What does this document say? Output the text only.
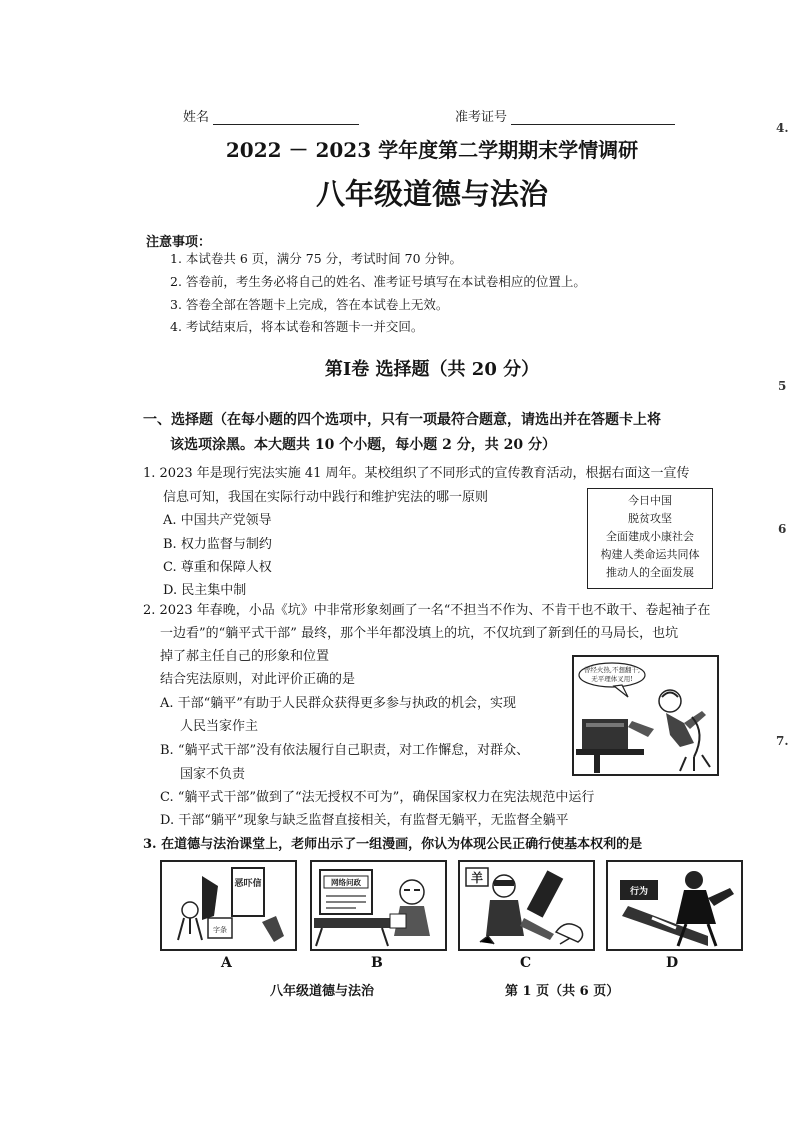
姓名	准考证号
2022 － 2023 学年度第二学期期末学情调研
八年级道德与法治
注意事项：
1. 本试卷共 6 页，满分 75 分，考试时间 70 分钟。
2. 答卷前，考生务必将自己的姓名、准考证号填写在本试卷相应的位置上。
3. 答卷全部在答题卡上完成，答在本试卷上无效。
4. 考试结束后，将本试卷和答题卡一并交回。
第Ⅰ卷 选择题（共 20 分）
一、选择题（在每小题的四个选项中，只有一项最符合题意，请选出并在答题卡上将
该选项涂黑。本大题共 10 个小题，每小题 2 分，共 20 分）
1. 2023 年是现行宪法实施 41 周年。某校组织了不同形式的宣传教育活动，根据右面这一宣传
信息可知，我国在实际行动中践行和维护宪法的哪一原则
A. 中国共产党领导
B. 权力监督与制约
C. 尊重和保障人权
D. 民主集中制
今日中国
脱贫攻坚
全面建成小康社会
构建人类命运共同体
推动人的全面发展
2. 2023 年春晚，小品《坑》中非常形象刻画了一名“不担当不作为、不肯干也不敢干、卷起袖子在
一边看”的“躺平式干部” 最终，那个半年都没填上的坑，不仅坑到了新到任的马局长，也坑
掉了郝主任自己的形象和位置
结合宪法原则，对此评价正确的是
A. 干部“躺平”有助于人民群众获得更多参与执政的机会，实现
人民当家作主
B. “躺平式干部”没有依法履行自己职责，对工作懈怠，对群众、
国家不负责
C. “躺平式干部”做到了“法无授权不可为”，确保国家权力在宪法规范中运行
D. 干部“躺平”现象与缺乏监督直接相关，有监督无躺平，无监督全躺平
曾经火热,不想翻干,
无平理体叉用!
3. 在道德与法治课堂上，老师出示了一组漫画，你认为体现公民正确行使基本权利的是
恶吓信
字条
网络问政	羊
行为
A	B	C	D
八年级道德与法治	第 1 页（共 6 页）
4.
5
6
7.
